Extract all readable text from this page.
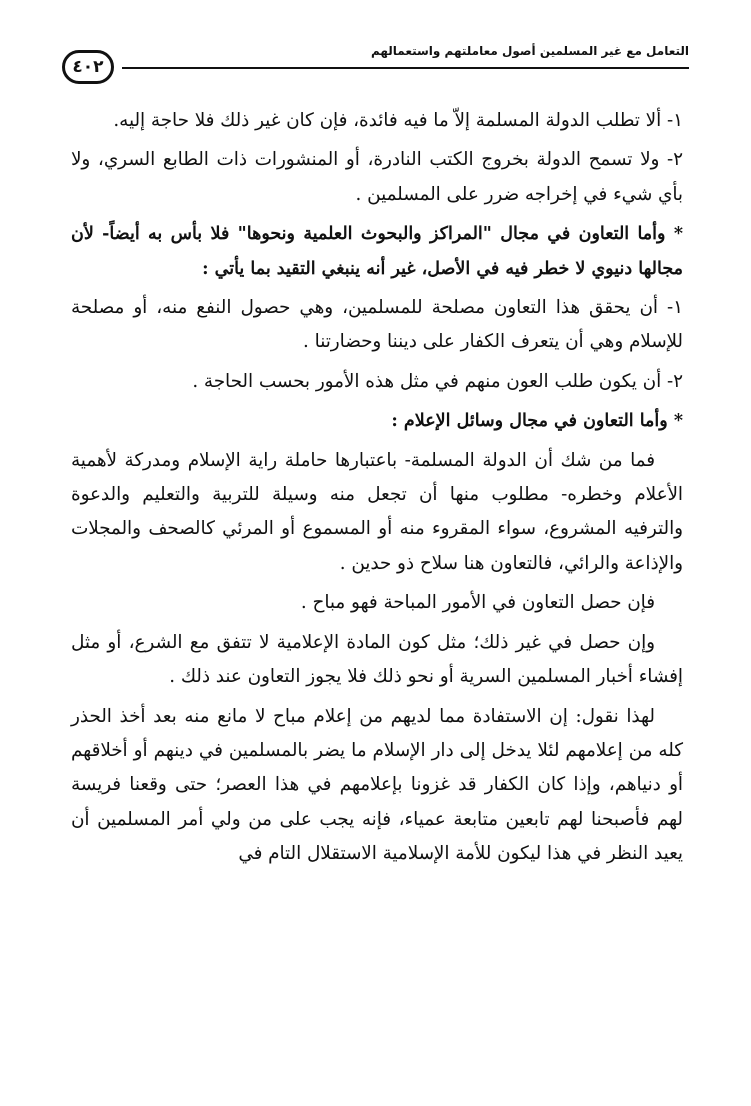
التعامل مع غير المسلمين أصول معاملتهم واستعمالهم
٤٠٢

١- ألا تطلب الدولة المسلمة إلاّ ما فيه فائدة، فإن كان غير ذلك فلا حاجة إليه.

٢- ولا تسمح الدولة بخروج الكتب النادرة، أو المنشورات ذات الطابع السري، ولا بأي شيء في إخراجه ضرر على المسلمين .

* وأما التعاون في مجال "المراكز والبحوث العلمية ونحوها" فلا بأس به أيضاً- لأن مجالها دنيوي لا خطر فيه في الأصل، غير أنه ينبغي التقيد بما يأتي :

١- أن يحقق هذا التعاون مصلحة للمسلمين، وهي حصول النفع منه، أو مصلحة للإسلام وهي أن يتعرف الكفار على ديننا وحضارتنا .

٢- أن يكون طلب العون منهم في مثل هذه الأمور بحسب الحاجة .

* وأما التعاون في مجال وسائل الإعلام :

فما من شك أن الدولة المسلمة- باعتبارها حاملة راية الإسلام ومدركة لأهمية الأعلام وخطره- مطلوب منها أن تجعل منه وسيلة للتربية والتعليم والدعوة والترفيه المشروع، سواء المقروء منه أو المسموع أو المرئي كالصحف والمجلات والإذاعة والرائي، فالتعاون هنا سلاح ذو حدين .

فإن حصل التعاون في الأمور المباحة فهو مباح .

وإن حصل في غير ذلك؛ مثل كون المادة الإعلامية لا تتفق مع الشرع، أو مثل إفشاء أخبار المسلمين السرية أو نحو ذلك فلا يجوز التعاون عند ذلك .

لهذا نقول: إن الاستفادة مما لديهم من إعلام مباح لا مانع منه بعد أخذ الحذر كله من إعلامهم لئلا يدخل إلى دار الإسلام ما يضر بالمسلمين في دينهم أو أخلاقهم أو دنياهم، وإذا كان الكفار قد غزونا بإعلامهم في هذا العصر؛ حتى وقعنا فريسة لهم فأصبحنا لهم تابعين متابعة عمياء، فإنه يجب على من ولي أمر المسلمين أن يعيد النظر في هذا ليكون للأمة الإسلامية الاستقلال التام في
